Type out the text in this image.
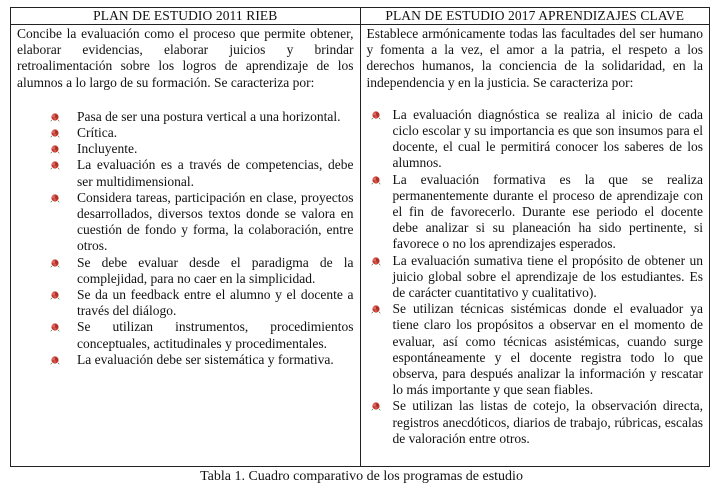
PLAN DE ESTUDIO 2011 RIEB	PLAN DE ESTUDIO 2017 APRENDIZAJES CLAVE

Concibe la evaluación como el proceso que permite obtener, elaborar evidencias, elaborar juicios y brindar retroalimentación sobre los logros de aprendizaje de los alumnos a lo largo de su formación. Se caracteriza por:

Pasa de ser una postura vertical a una horizontal.
Crítica.
Incluyente.
La evaluación es a través de competencias, debe ser multidimensional.
Considera tareas, participación en clase, proyectos desarrollados, diversos textos donde se valora en cuestión de fondo y forma, la colaboración, entre otros.
Se debe evaluar desde el paradigma de la complejidad, para no caer en la simplicidad.
Se da un feedback entre el alumno y el docente a través del diálogo.
Se utilizan instrumentos, procedimientos conceptuales, actitudinales y procedimentales.
La evaluación debe ser sistemática y formativa.

Establece armónicamente todas las facultades del ser humano y fomenta a la vez, el amor a la patria, el respeto a los derechos humanos, la conciencia de la solidaridad, en la independencia y en la justicia. Se caracteriza por:

La evaluación diagnóstica se realiza al inicio de cada ciclo escolar y su importancia es que son insumos para el docente, el cual le permitirá conocer los saberes de los alumnos.
La evaluación formativa es la que se realiza permanentemente durante el proceso de aprendizaje con el fin de favorecerlo. Durante ese periodo el docente debe analizar si su planeación ha sido pertinente, si favorece o no los aprendizajes esperados.
La evaluación sumativa tiene el propósito de obtener un juicio global sobre el aprendizaje de los estudiantes. Es de carácter cuantitativo y cualitativo).
Se utilizan técnicas sistémicas donde el evaluador ya tiene claro los propósitos a observar en el momento de evaluar, así como técnicas asistémicas, cuando surge espontáneamente y el docente registra todo lo que observa, para después analizar la información y rescatar lo más importante y que sean fiables.
Se utilizan las listas de cotejo, la observación directa, registros anecdóticos, diarios de trabajo, rúbricas, escalas de valoración entre otros.
Tabla 1. Cuadro comparativo de los programas de estudio
